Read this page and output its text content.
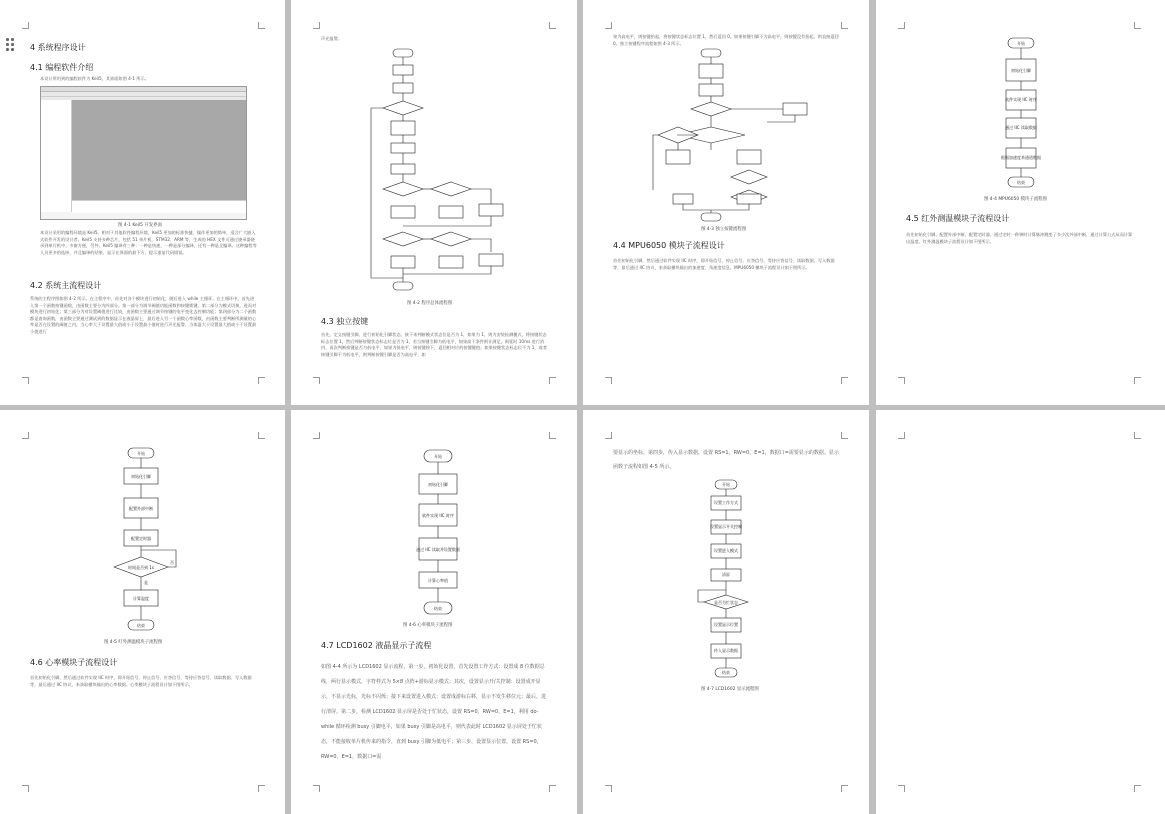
4 系统程序设计
4.1 编程软件介绍
本设计所用到的编程软件为 Keil5，其界面如图 4-1 所示。
图 4-1 Keil5 开发界面
本设计采用的编程环境是 Keil5。相对于其他软件编程环境，Keil5 更加的标准快捷，操作更加的简单，适合广大嵌入式软件开发的设计者。Keil5 支持多种芯片，包括 51 单片机、STM32、ARM 等，生成的 HEX 文件可通过烧录器烧录到单片机中。多窗方便，另外，Keil5 编译有三种：一种是快速，一种是部分编译，还有一种是全编译。这种编程等人员更多的选择，并且编译的结果，显示在界面的最下方，提示重复代码错误。
4.2 系统主流程设计
系统的主程序图如图 4-2 所示。在主程序中，首先对各个模块进行初始化，随后进入 while 主循环。在主循环中，首先进入第一个函数按键函数，由函数主要分为四部分。第一部分为调节阈值功能函数和按键锁键；第二部分为模式切换，进而对模块进行初始化；第三部分为对设置阈值进行比较，由函数主要通过调节按键的电平变化去控制功能；第四部分为二个函数都是查询函数，由函数主要通过测试到的数据显示在液晶屏上，最后进入另一个函数心率函数，由函数主要判断所测量的心率是否在设置的阈值之内，当心率大于设置最大值或小于设置最小值时进行声光报警，当体温大于设置最大值或小于设置最小值进行
声光报警。
图 4-2 程序总体流程图
4.3 独立按键
首先，定义按键引脚，进行初始化引脚状态。接下来判断模式状态位是否为 1，如果为 1，则为安装检测模式，将按键状态标志位置 1，然后判断按键状态标志位是否为 1，若当按键引脚为低电平，如果高于条件则计满足，则延时 10ms 进行消抖，再次判断按键是否为低电平，如果为低电平，则按键按下，返回相对应的按键键值。如果按键状态标志位不为 1，或者按键引脚不为低电平，则判断按键引脚是否为高电平，如
果为高电平，则按键抬起，将按键状态标志位置 1，然后返回 0。如果按键引脚不为高电平，则按键没有抬起，则直接返回 0。独立按键程序流程如图 4-3 所示。
图 4-3 独立按键流程图
4.4 MPU6050 模块子流程设计
首先初始化引脚，然后通过软件实现 IIC 时序，即开始信号、停止信号、应答信号、等待应答信号、读取数据、写入数据等，最后通过 IIC 协议，来获取模块输出的加速度、角速度信息。MPU6050 模块子流程设计如下图所示。
开始
初始化引脚
软件实现 IIC 时序
通过 IIC 读取数据
根据加速度来通道数据
结束
图 4-4 MPU6050 模块子流程图
4.5 红外测温模块子流程设计
首先初始化引脚，配置外部中断，配置定时器，通过定时一秒钟时计算脉冲跳变了多少次外部中断，通过计算公式从而计算出温度。红外测温模块子流程设计如下图所示。
开始
初始化引脚
配置外部中断
配置定时器
时间是否到 1s
是
否
计算温度
结束
图 4-5 红外测温模块子流程图
4.6 心率模块子流程设计
首先初始化引脚，然后通过软件实现 IIC 时序，即开始信号、停止信号、应答信号、等待应答信号、读取数据、写入数据等，最后通过 IIC 协议，来获取模块输出的心率数据。心率模块子流程设计如下图所示。
开始
初始化引脚
软件实现 IIC 时序
通过 IIC 读取并设置数据
计算心率值
结束
图 4-6 心率模块子流程图
4.7 LCD1602 液晶显示子流程
如图 4-4 所示为 LCD1602 显示流程，第一步，初始化设置，首先设置工作方式：设置成 8 位数据总线，两行显示模式，字符样式为 5×8 点阵+游标显示模式；其次，设置显示开/关控制：设置成开显示，不显示光标，光标不闪烁；接下来设置进入模式：设置成游标右移，显示不发生移位元；最后，进行清屏。第二步，检测 LCD1602 显示屏是否处于忙状态，设置 RS=0，RW=0，E=1，利用 do-while 循环检测 busy 引脚电平，如果 busy 引脚是高电平，则代表此时 LCD1602 显示屏处于忙状态，不能接收单片机传来的指令，直到 busy 引脚为低电平；第三步，设置显示位置，设置 RS=0，RW=0，E=1，数据口=需
要显示的坐标。第四步，传入显示数据，设置 RS=1，RW=0，E=1，数据口=需要显示的数据。显示函数子流程如图 4-5 所示。
开始
设置工作方式
设置显示开关控制
设置进入模式
清屏
是否为忙状态
设置显示位置
传入显示数据
结束
图 4-7 LCD1602 显示流程图
